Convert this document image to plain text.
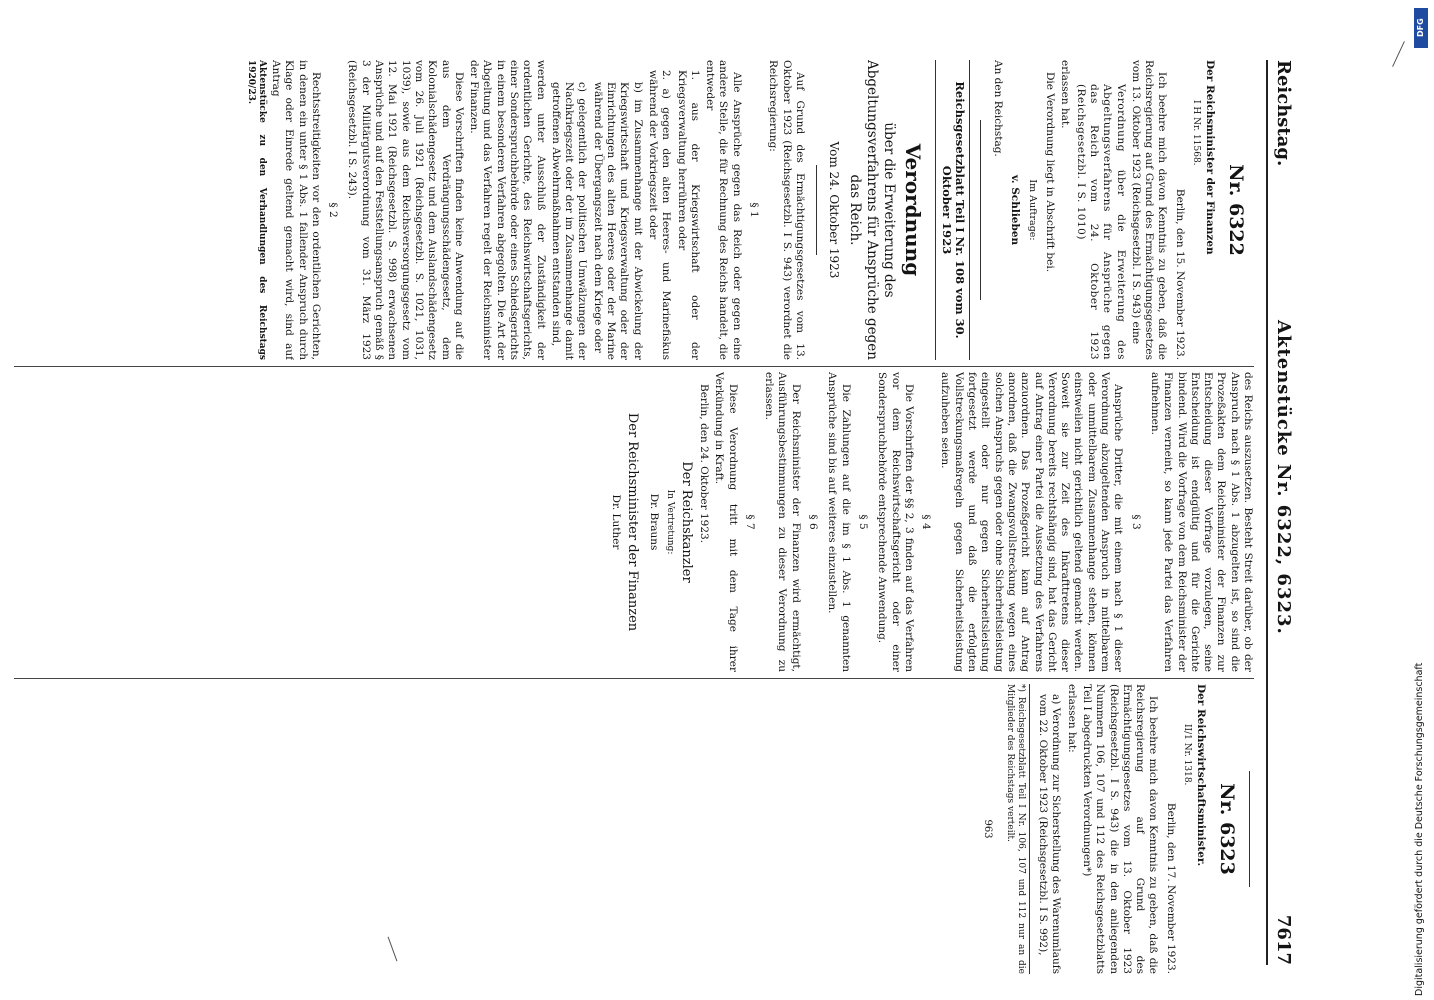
Reichstag.
Aktenstücke Nr. 6322, 6323.
7617
Nr. 6322
Der Reichsminister der Finanzen
I H Nr. 11568.
Berlin, den 15. November 1923.
Ich beehre mich davon Kenntnis zu geben, daß die Reichsregierung auf Grund des Ermächtigungsgesetzes vom 13. Oktober 1923 (Reichsgesetzbl. I S. 943) eine
Verordnung über die Erweiterung des Abgeltungsverfahrens für Ansprüche gegen das Reich vom 24. Oktober 1923 (Reichsgesetzbl. I S. 1010)
erlassen hat.
Die Verordnung liegt in Abschrift bei.
Im Auftrage:
v. Schlieben
An den Reichstag.
Reichsgesetzblatt Teil I Nr. 108 vom 30. Oktober 1923
Verordnung
über die Erweiterung des Abgeltungsverfahrens für Ansprüche gegen das Reich.
Vom 24. Oktober 1923
Auf Grund des Ermächtigungsgesetzes vom 13. Oktober 1923 (Reichsgesetzbl. I S. 943) verordnet die Reichsregierung:
§ 1
Alle Ansprüche gegen das Reich oder gegen eine andere Stelle, die für Rechnung des Reichs handelt, die entweder
1. aus der Kriegswirtschaft oder der Kriegsverwaltung herrühren oder
2. a) gegen den alten Heeres- und Marinefiskus während der Vorkriegszeit oder
b) im Zusammenhange mit der Abwickelung der Kriegswirtschaft und Kriegsverwaltung oder der Einrichtungen des alten Heeres oder der Marine während der Übergangszeit nach dem Kriege oder
c) gelegentlich der politischen Umwälzungen der Nachkriegszeit oder der im Zusammenhange damit getroffenen Abwehrmaßnahmen entstanden sind,
werden unter Ausschluß der Zuständigkeit der ordentlichen Gerichte, des Reichswirtschaftsgerichts, einer Sonderspruchbehörde oder eines Schiedsgerichts in einem besonderen Verfahren abgegolten. Die Art der Abgeltung und das Verfahren regelt der Reichsminister der Finanzen.
Diese Vorschriften finden keine Anwendung auf die aus dem Verdrängungsschädengesetz, dem Kolonialschädengesetz und dem Auslandschädengesetz vom 26. Juli 1921 (Reichsgesetzbl. S. 1021, 1031, 1039), sowie aus dem Reichsversorgungsgesetz vom 12. Mai 1921 (Reichsgesetzbl. S. 998) erwachsenen Ansprüche und auf den Feststellungsanspruch gemäß § 3 der Militärgutsverordnung vom 31. März 1923 (Reichsgesetzbl. I S. 243).
§ 2
Rechtsstreitigkeiten vor den ordentlichen Gerichten, in denen ein unter § 1 Abs. 1 fallender Anspruch durch Klage oder Einrede geltend gemacht wird, sind auf Antrag
Aktenstücke zu den Verhandlungen des Reichstags 1920/23.
des Reichs auszusetzen. Besteht Streit darüber, ob der Anspruch nach § 1 Abs. 1 abzugelten ist, so sind die Prozeßakten dem Reichsminister der Finanzen zur Entscheidung dieser Vorfrage vorzulegen, seine Entscheidung ist endgültig und für die Gerichte bindend. Wird die Vorfrage von dem Reichsminister der Finanzen verneint, so kann jede Partei das Verfahren aufnehmen.
§ 3
Ansprüche Dritter, die mit einem nach § 1 dieser Verordnung abzugeltenden Anspruch in mittelbarem oder unmittelbarem Zusammenhange stehen, können einstweilen nicht gerichtlich geltend gemacht werden. Soweit sie zur Zeit des Inkrafttretens dieser Verordnung bereits rechtshängig sind, hat das Gericht auf Antrag einer Partei die Aussetzung des Verfahrens anzuordnen. Das Prozeßgericht kann auf Antrag anordnen, daß die Zwangsvollstreckung wegen eines solchen Anspruchs gegen oder ohne Sicherheitsleistung eingestellt oder nur gegen Sicherheitsleistung fortgesetzt werde und daß die erfolgten Vollstreckungsmaßregeln gegen Sicherheitsleistung aufzuheben seien.
§ 4
Die Vorschriften der §§ 2, 3 finden auf das Verfahren vor dem Reichswirtschaftsgericht oder einer Sonderspruchbehörde entsprechende Anwendung.
§ 5
Die Zahlungen auf die im § 1 Abs. 1 genannten Ansprüche sind bis auf weiteres einzustellen.
§ 6
Der Reichsminister der Finanzen wird ermächtigt, Ausführungsbestimmungen zu dieser Verordnung zu erlassen.
§ 7
Diese Verordnung tritt mit dem Tage ihrer Verkündung in Kraft.
Berlin, den 24. Oktober 1923.
Der Reichskanzler
In Vertretung:
Dr. Brauns
Der Reichsminister der Finanzen
Dr. Luther
Nr. 6323
Der Reichswirtschaftsminister.
II/1 Nr. 1318.
Berlin, den 17. November 1923.
Ich beehre mich davon Kenntnis zu geben, daß die Reichsregierung auf Grund des Ermächtigungsgesetzes vom 13. Oktober 1923 (Reichsgesetzbl. I S. 943) die in den anliegenden Nummern 106, 107 und 112 des Reichsgesetzblatts Teil I abgedruckten Verordnungen*)
erlassen hat:
a) Verordnung zur Sicherstellung des Warenumlaufs vom 22. Oktober 1923 (Reichsgesetzbl. I S. 992),
*) Reichsgesetzblatt Teil I Nr. 106, 107 und 112 nur an die Mitglieder des Reichstags verteilt.
963
DFG
Digitalisierung gefördert durch die Deutsche Forschungsgemeinschaft
